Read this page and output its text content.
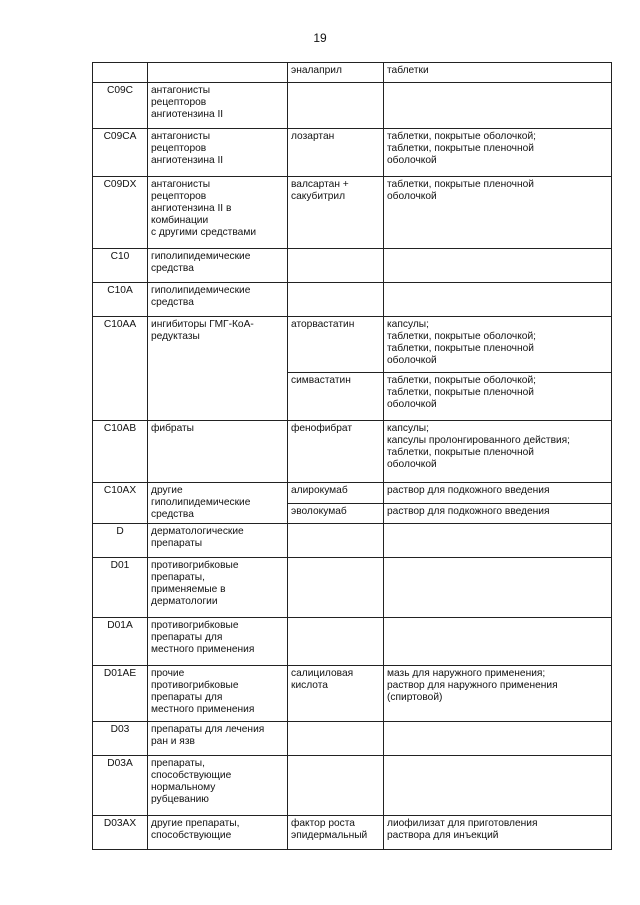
19

		эналаприл	таблетки

C09C	антагонисты
рецепторов
ангиотензина II		

C09CA	антагонисты
рецепторов
ангиотензина II	лозартан	таблетки, покрытые оболочкой;
таблетки, покрытые пленочной
оболочкой

C09DX	антагонисты
рецепторов
ангиотензина II в
комбинации
с другими средствами	валсартан +
сакубитрил	таблетки, покрытые пленочной
оболочкой

C10	гиполипидемические
средства		

C10A	гиполипидемические
средства		

C10AA	ингибиторы ГМГ-КоА-
редуктазы	аторвастатин	капсулы;
таблетки, покрытые оболочкой;
таблетки, покрытые пленочной
оболочкой

		симвастатин	таблетки, покрытые оболочкой;
таблетки, покрытые пленочной
оболочкой

C10AB	фибраты	фенофибрат	капсулы;
капсулы пролонгированного действия;
таблетки, покрытые пленочной
оболочкой

C10AX	другие
гиполипидемические
средства	алирокумаб	раствор для подкожного введения

		эволокумаб	раствор для подкожного введения

D	дерматологические
препараты		

D01	противогрибковые
препараты,
применяемые в
дерматологии		

D01A	противогрибковые
препараты для
местного применения		

D01AE	прочие
противогрибковые
препараты для
местного применения	салициловая
кислота	мазь для наружного применения;
раствор для наружного применения
(спиртовой)

D03	препараты для лечения
ран и язв		

D03A	препараты,
способствующие
нормальному
рубцеванию		

D03AX	другие препараты,
способствующие	фактор роста
эпидермальный	лиофилизат для приготовления
раствора для инъекций
